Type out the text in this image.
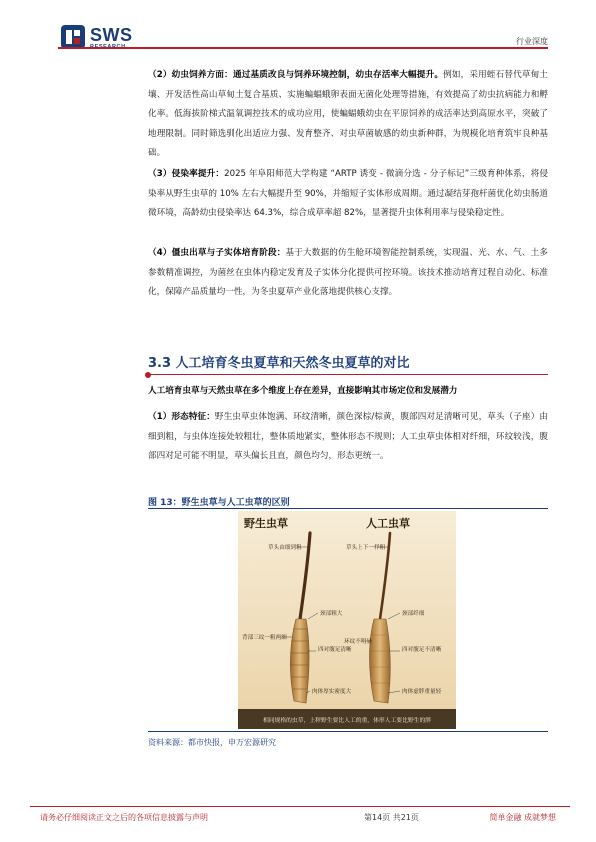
SWS	行业深度

（2）幼虫饲养方面：通过基质改良与饲养环境控制，幼虫存活率大幅提升。例如，采用蛭石替代草甸土壤、开发活性高山草甸土复合基质、实施蝙蝠蛾卵表面无菌化处理等措施，有效提高了幼虫抗病能力和孵化率。低海拔阶梯式温氧调控技术的成功应用，使蝙蝠蛾幼虫在平原饲养的成活率达到高原水平，突破了地理限制。同时筛选驯化出适应力强、发育整齐、对虫草菌敏感的幼虫新种群，为规模化培育筑牢良种基础。

（3）侵染率提升：2025 年阜阳师范大学构建 “ARTP 诱变 - 微滴分选 - 分子标记”三级育种体系，将侵染率从野生虫草的 10% 左右大幅提升至 90%，并缩短子实体形成周期。通过凝结芽孢杆菌优化幼虫肠道微环境，高龄幼虫侵染率达 64.3%，综合成草率超 82%，显著提升虫体利用率与侵染稳定性。

（4）僵虫出草与子实体培育阶段：基于大数据的仿生舱环境智能控制系统，实现温、光、水、气、土多参数精准调控，为菌丝在虫体内稳定发育及子实体分化提供可控环境。该技术推动培育过程自动化、标准化，保障产品质量均一性，为冬虫夏草产业化落地提供核心支撑。

3.3 人工培育冬虫夏草和天然冬虫夏草的对比

人工培育虫草与天然虫草在多个维度上存在差异，直接影响其市场定位和发展潜力

（1）形态特征：野生虫草虫体饱满、环纹清晰，颜色深棕/棕黄，腹部四对足清晰可见，草头（子座）由细到粗，与虫体连接处较粗壮，整体质地紧实，整体形态不规则；人工虫草虫体相对纤细，环纹较浅，腹部四对足可能不明显，草头偏长且直，颜色均匀，形态更统一。

图 13：野生虫草与人工虫草的区别
野生虫草	人工虫草
草头由细到粗
颈部粗大
背部三纹一粗两细
四对腹足清晰
肉体厚实密度大
草头上下一样粗
颈部纤细
环纹不明显
四对腹足不清晰
肉体虚胖重量轻
相同规格的虫草，上秤野生要比人工的重，体形人工要比野生的胖
资料来源：都市快报，申万宏源研究
请务必仔细阅读正文之后的各项信息披露与声明	第14页 共21页	简单金融 成就梦想
